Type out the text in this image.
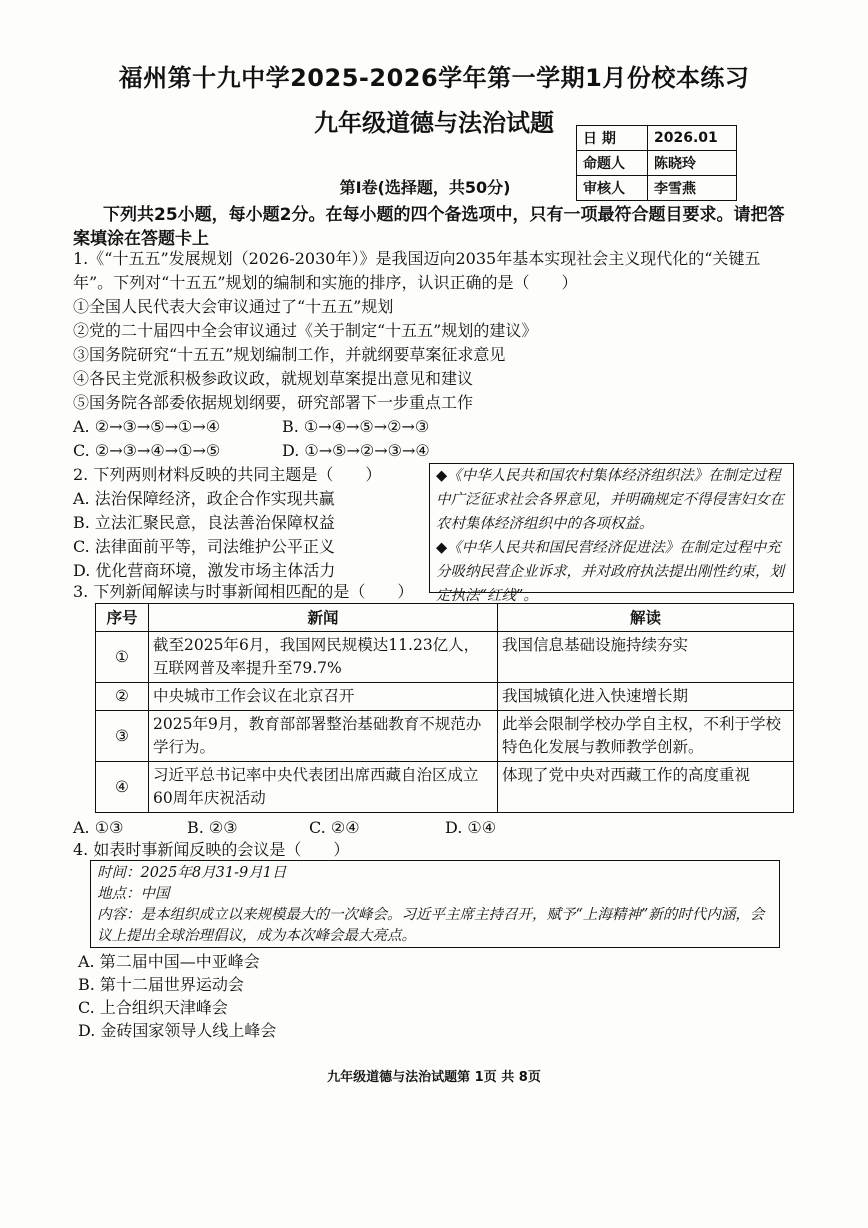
福州第十九中学2025-2026学年第一学期1月份校本练习
九年级道德与法治试题
日 期	2026.01
命题人	陈晓玲
审核人	李雪燕
第Ⅰ卷(选择题，共50分)
下列共25小题，每小题2分。在每小题的四个备选项中，只有一项最符合题目要求。请把答案填涂在答题卡上
1.《“十五五”发展规划（2026-2030年）》是我国迈向2035年基本实现社会主义现代化的“关键五年”。下列对“十五五”规划的编制和实施的排序，认识正确的是（　　）
①全国人民代表大会审议通过了“十五五”规划
②党的二十届四中全会审议通过《关于制定“十五五”规划的建议》
③国务院研究“十五五”规划编制工作，并就纲要草案征求意见
④各民主党派积极参政议政，就规划草案提出意见和建议
⑤国务院各部委依据规划纲要，研究部署下一步重点工作
A. ②→③→⑤→①→④	B. ①→④→⑤→②→③
C. ②→③→④→①→⑤	D. ①→⑤→②→③→④
2. 下列两则材料反映的共同主题是（　　）
A. 法治保障经济，政企合作实现共赢
B. 立法汇聚民意，良法善治保障权益
C. 法律面前平等，司法维护公平正义
D. 优化营商环境，激发市场主体活力

◆《中华人民共和国农村集体经济组织法》在制定过程中广泛征求社会各界意见，并明确规定不得侵害妇女在农村集体经济组织中的各项权益。

◆《中华人民共和国民营经济促进法》在制定过程中充分吸纳民营企业诉求，并对政府执法提出刚性约束，划定执法“红线”。

3. 下列新闻解读与时事新闻相匹配的是（　　）
序号	新闻	解读
①	截至2025年6月，我国网民规模达11.23亿人，互联网普及率提升至79.7%	我国信息基础设施持续夯实
②	中央城市工作会议在北京召开	我国城镇化进入快速增长期
③	2025年9月，教育部部署整治基础教育不规范办学行为。	此举会限制学校办学自主权，不利于学校特色化发展与教师教学创新。
④	习近平总书记率中央代表团出席西藏自治区成立60周年庆祝活动	体现了党中央对西藏工作的高度重视
A. ①③	B. ②③	C. ②④	D. ①④
4. 如表时事新闻反映的会议是（　　）
时间：2025年8月31-9月1日
地点：中国
内容：是本组织成立以来规模最大的一次峰会。习近平主席主持召开，赋予“上海精神”新的时代内涵，会议上提出全球治理倡议，成为本次峰会最大亮点。
A. 第二届中国—中亚峰会
B. 第十二届世界运动会
C. 上合组织天津峰会
D. 金砖国家领导人线上峰会
九年级道德与法治试题第 1页 共 8页
